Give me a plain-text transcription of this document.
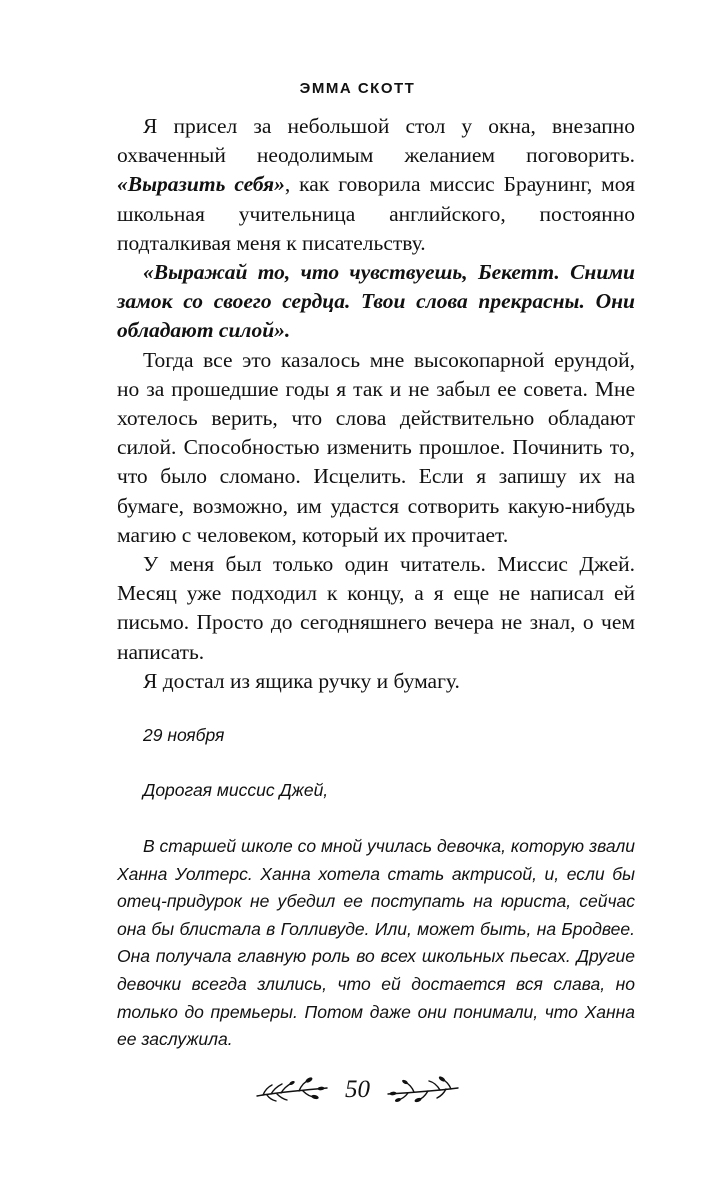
ЭММА СКОТТ

Я присел за небольшой стол у окна, внезапно охваченный неодолимым желанием поговорить. «Выразить себя», как говорила миссис Браунинг, моя школьная учительница английского, постоянно подталкивая меня к писательству.

«Выражай то, что чувствуешь, Бекетт. Сними замок со своего сердца. Твои слова прекрасны. Они обладают силой».

Тогда все это казалось мне высокопарной ерундой, но за прошедшие годы я так и не забыл ее совета. Мне хотелось верить, что слова действительно обладают силой. Способностью изменить прошлое. Починить то, что было сломано. Исцелить. Если я запишу их на бумаге, возможно, им удастся сотворить какую-нибудь магию с человеком, который их прочитает.

У меня был только один читатель. Миссис Джей. Месяц уже подходил к концу, а я еще не написал ей письмо. Просто до сегодняшнего вечера не знал, о чем написать.

Я достал из ящика ручку и бумагу.

29 ноября
Дорогая миссис Джей,
В старшей школе со мной училась девочка, которую звали Ханна Уолтерс. Ханна хотела стать актрисой, и, если бы отец-придурок не убедил ее поступать на юриста, сейчас она бы блистала в Голливуде. Или, может быть, на Бродвее. Она получала главную роль во всех школьных пьесах. Другие девочки всегда злились, что ей достается вся слава, но только до премьеры. Потом даже они понимали, что Ханна ее заслужила.
50
